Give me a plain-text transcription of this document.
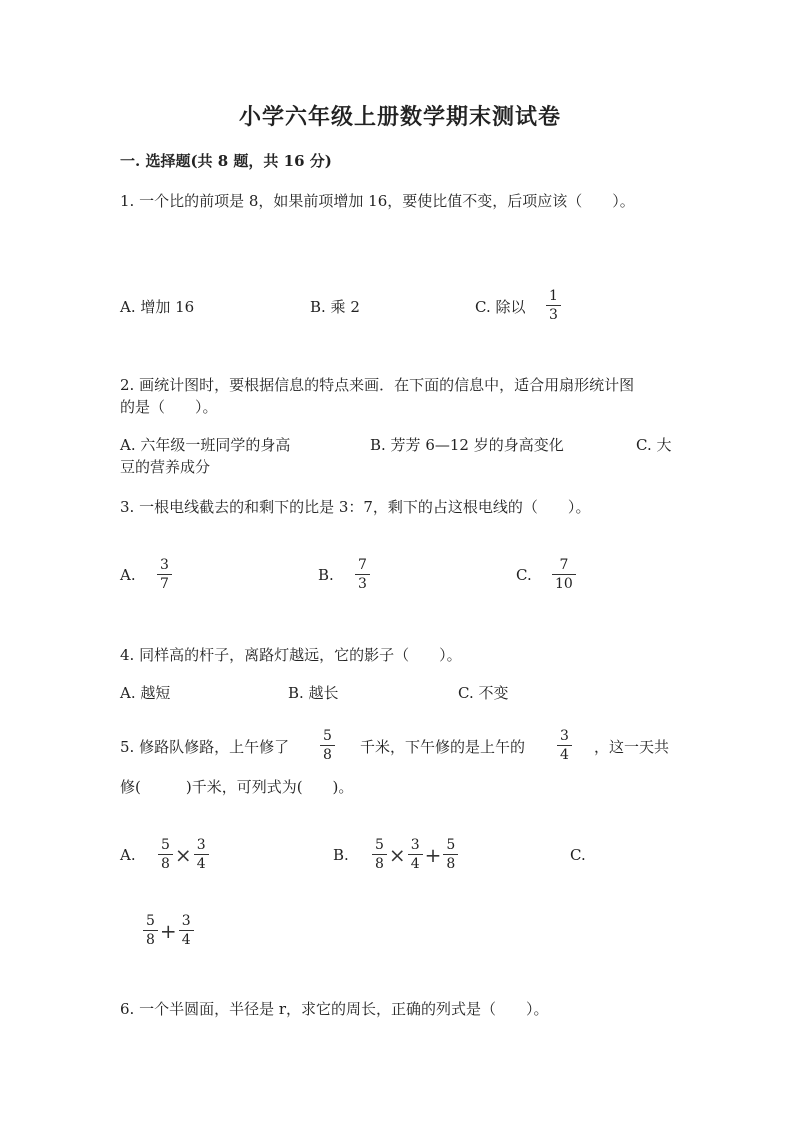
小学六年级上册数学期末测试卷
一. 选择题(共 8 题，共 16 分)
1. 一个比的前项是 8，如果前项增加 16，要使比值不变，后项应该（　　）。
A. 增加 16	B. 乘 2	C. 除以 $\frac{1}{3}$
2. 画统计图时，要根据信息的特点来画．在下面的信息中，适合用扇形统计图
的是（　　）。
A. 六年级一班同学的身高	B. 芳芳 6—12 岁的身高变化	C. 大
豆的营养成分
3. 一根电线截去的和剩下的比是 3：7，剩下的占这根电线的（　　）。
A. $\frac{3}{7}$	B. $\frac{7}{3}$	C. $\frac{7}{10}$
4. 同样高的杆子，离路灯越远，它的影子（　　）。
A. 越短	B. 越长	C. 不变
5. 修路队修路，上午修了 $\frac{5}{8}$ 千米，下午修的是上午的 $\frac{3}{4}$ ，这一天共
修(　　　)千米，可列式为(　　)。
A. $\frac{5}{8} \times \frac{3}{4}$	B. $\frac{5}{8} \times \frac{3}{4} + \frac{5}{8}$	C.
$\frac{5}{8} + \frac{3}{4}$
6. 一个半圆面，半径是 r，求它的周长，正确的列式是（　　）。
